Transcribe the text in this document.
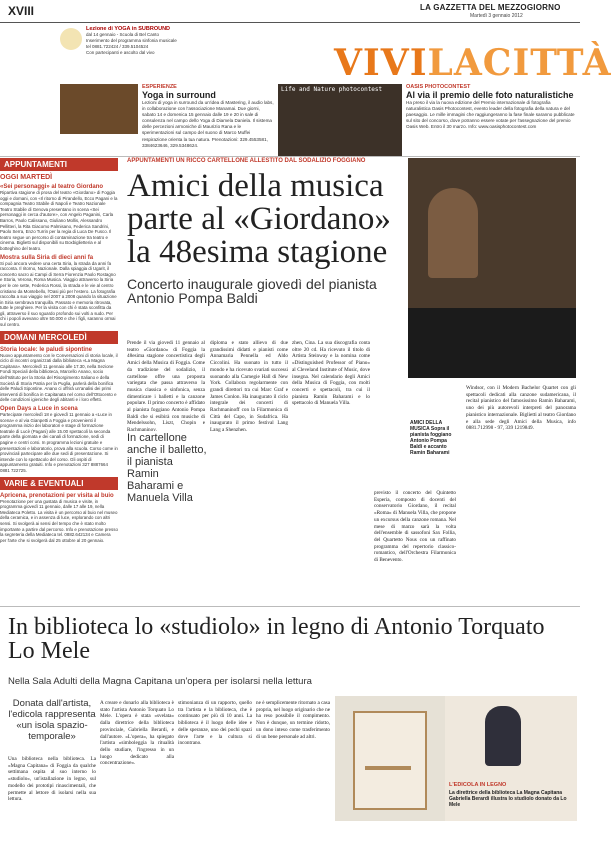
XVIII	LA GAZZETTA DEL MEZZOGIORNO
Martedì 3 gennaio 2012
Lezione di YOGA in SUBROUND
dal 14 gennaio - Scuola di Bel Canto
Inserimento del programma sinfonia musicale
tel 0881.722424 / 339.5104524
Con partecipanti e ascolto dal vivo	VIVILACITTÀ
ESPERIENZE
Yoga in surround
Lezioni di yoga in surround da un'idea di Mastering, il audio labs, in collaborazione con l'associazione Manamai. Due giorni, sabato 14 e domenica 15 gennaio dalle 19 e 20 in sale di consulenza nel campo dello Yoga di Diamela Daniela. Il sistema delle percezioni armoniche di Maurizio Rana e le sperimentazioni sul campo del suono di Marco Muffei respirazione orienta la tua natura. Prenotazioni: 329.4553581, 3384623646, 329.5348624.
Life and Nature photocontest	OASIS PHOTOCONTEST
Al via il premio delle foto naturalistiche
Ha preso il via la nuova edizione del Premio internazionale di fotografia naturalistica Oasis Photocontest, evento leader della fotografia della natura e del paesaggio. Le mille immagini che raggiungeranno la fase finale saranno pubblicate sul sito del concorso, dove potranno essere votate per l'assegnazione del premio Oasis Web. Entro il 30 marzo. Info: www.oasisphotocontest.com
APPUNTAMENTI
OGGI MARTEDÌ
«Sei personaggi» al teatro Giordano
Ripartiva stagione di prosa del teatro «Giordano» di Foggia oggi e domani, con «Il ritorno di Pirandello, Ecco Pagani e la compagnia Teatro Stabile di Napoli e Teatro Nazionale Teatro Stabile di Genova presentano in scena «Sei personaggi in cerca d'autore», con Angelo Paganini, Carla Barros, Paolo Calissano, Giuliano Mollis, Alessandro Pellitteri, la Rita Giacomo Palmisano, Federica Sandrini, Paolo Serra, Enzo Turrin per la regia di Luca De Fusco. Il teatro segue un percorso di contaminazione tra teatro e cinema. Biglietti sul disponibili su Boxbiglietteria e al botteghino del teatro.
Mostra sulla Siria di dieci anni fa
Si può ancora vedere una certa Siria, la strada da anni fa racconta. Il ritorno, Nazionale. Dalla spiaggia di Ugarit, il concerto sacro ai Campi di Serra Fiorenzia Paolo Rostagno e Storia, Verona, Roma Musica. Viaggio attraverso la Siria per le ore sette, Federica Rossi, la strada e le vie al centro cristiano da Montebello, l'Oasi più per l'estero. La fotografia raccolta a suo viaggio nel 2007 a 2008 quando la situazione in Siria sembrava tranquilla. Passato e memoria ritrovata, tutte le preghiere. Per la visita con chi è stata sconfitta da gli, attraverso il suo sguardo profondo sui volti a sudo. Per chi i popoli avevano oltre 50.000 e che i figli, saranno ormai sul centro.
DOMANI MERCOLEDÌ
Storia locale: le paludi sipontine
Nuovo appuntamento con le Conversazioni di storia locale, il ciclo di incontri organizzati dalla biblioteca «La Magna Capitana». Mercoledì 11 gennaio alle 17.30, nella Sezione Fondi Speciali della biblioteca, Marcello Anano, socio dell'Istituto per la Storia del Risorgimento Italiano e della Società di Storia Patria per la Puglia, parlerà della bonifica delle Paludi Sipontine. Anano ci offrirà un'analisi dei primi interventi di bonifica in Capitanata nel corso dell'Ottocento e delle condizioni igieniche degli abitanti e i loro effetti.
Open Days a Luce in scena
Partecipate mercoledì 18 e giovedì 11 gennaio a «Luce in scena» e al via Gianpetti a Foggia e provenienti il programma inizio dei laboratori e stage di formazione teatrale di Lucè (Pagani) alle 15.00 spettacoli la seconda parte della giornata e dei canali di formazione, sedi di pagine e centri corsi. In programma lezioni gratuite e presentazioni e laboratorio, prova alla scuola. Corso come in provinciali partecipare alle due sedi di presentazione. Si intende con lo spettacolo del corso. Gli ospiti di appuntamento gratuiti. Info e prenotazioni 327 8887664 0881 722725.
VARIE & EVENTUALI
Apricena, prenotazioni per visita al buio
Prenotazione per una gustata di musica e visite, in programma giovedì 11 gennaio, dalle 17 alle 19, nella Mediateca Poletto. La visita è un percorso al buio nel museo della ceramica, e in assenza di luce, esplorando con altri sensi. Si svolgerà ai sensi del tempo che è stato molto importante a partire dal percorso. Info e prenotazione presso la segreteria della Mediateca tel. 0882.642134 e Camera per l'arte che si svolgerà dal 25 ottobre al 20 gennaio.
APPUNTAMENTI UN RICCO CARTELLONE ALLESTITO DAL SODALIZIO FOGGIANO
Amici della musica parte al «Giordano» la 48esima stagione
Concerto inaugurale giovedì del pianista Antonio Pompa Baldi
Prende il via giovedì 11 gennaio al teatro «Giordano» di Foggia la 48esima stagione concertistica degli Amici della Musica di Foggia. Come da tradizione del sodalizio, il cartellone offre una proposta variegata che passa attraverso la musica classica e sinfonica, senza dimenticare i balletti e la canzone popolare. Il primo concerto è affidato al pianista foggiano Antonio Pompa Baldi che si esibirà con musiche di Mendelssohn, Liszt, Chopin e Rachmaninov.
In cartellone anche il balletto, il pianista Ramin Baharami e Manuela Villa
diploma e stato allievo di due grandissimi didatti e pianisti come Annamaria Pennella ed Aldo Ciccolini. Ha suonato in tutto il mondo e ha ricevuto svariati successi suonando alla Carnegie Hall di New York. Collabora regolarmente con grandi direttori tra cui Marc Graf e James Conlon. Ha inaugurato il ciclo integrale dei concerti di Rachmaninoff con la Filarmonica di Città del Capo, in Sudafrica. Ha inaugurato il primo festival Lang Lang a Shenzhen.
zhen, Cina. La sua discografia conta oltre 20 cd. Ha ricevuto il titolo di Artista Steinway e la nomina come «Distinguished Professor of Piano» al Cleveland Institute of Music, dove insegna. Nel calendario degli Amici della Musica di Foggia, con molti concerti e spettacoli, tra cui il pianista Ramin Baharami e lo spettacolo di Manuela Villa.
previsto il concerto del Quintetto Esperia, composto di docenti del conservatorio Giordano, il recital «Roma» di Manuela Villa, che propone un excursus della canzone romana. Nel mese di marzo sarà la volta dell'ensemble di sassofoni Sax Follia, del Quartetto Nous con un raffinato programma del repertorio classico-romantico, dell'Orchestra Filarmonica di Benevento.
AMICI DELLA MUSICA Sopra il pianista foggiano Antonio Pompa Baldi e accanto Ramin Baharami
Windsor, con il Modern Bachelor Quartet con gli spettacoli dedicati alla canzone sudamericana, il recital pianistico del famosissimo Ramin Baharami, uno dei più autorevoli interpreti del panorama pianistico internazionale. Biglietti al teatro Giordano e alla sede degli Amici della Musica, info 0881.712998 - 97, 339 1219849.
In biblioteca lo «studiolo» in legno di Antonio Torquato Lo Mele
Nella Sala Adulti della Magna Capitana un'opera per isolarsi nella lettura
Donata dall'artista, l'edicola rappresenta «un isola spazio-temporale»
Una biblioteca nella biblioteca. La «Magna Capitana» di Foggia da qualche settimana ospita al suo interno lo «studiolo», un'istallazione in legno, sul modello dei prototipi rinascimentali, che permette al lettore di isolarsi nella sua lettura.
A creare e donarlo alla biblioteca è stato l'artista Antonio Torquato Lo Mele. L'opera è stata «svelata» dalla direttrice della biblioteca provinciale, Gabriella Berardi, e dall'autore. «L'opera», ha spiegato l'artista «simboleggia la ritualità dello studiare, l'ingresso in un luogo dedicato alla concentrazione».
stimonianza di un rapporto, quello tra l'artista e la biblioteca, che è continuato per più di 10 anni. La biblioteca è il luogo delle idee e delle speranze, uno dei pochi spazi dove l'arte e la cultura si incontrano.
ne è semplicemente ritornato a casa propria, nel luogo originario che ne ha reso possibile il compimento. Non è dunque, un termine ridotto, un dono inteso come trasferimento di un bene personale ad altri.
L'EDICOLA IN LEGNO
La direttrice della biblioteca La Magna Capitana Gabriella Berardi illustra lo studiolo donato da Lo Mele
